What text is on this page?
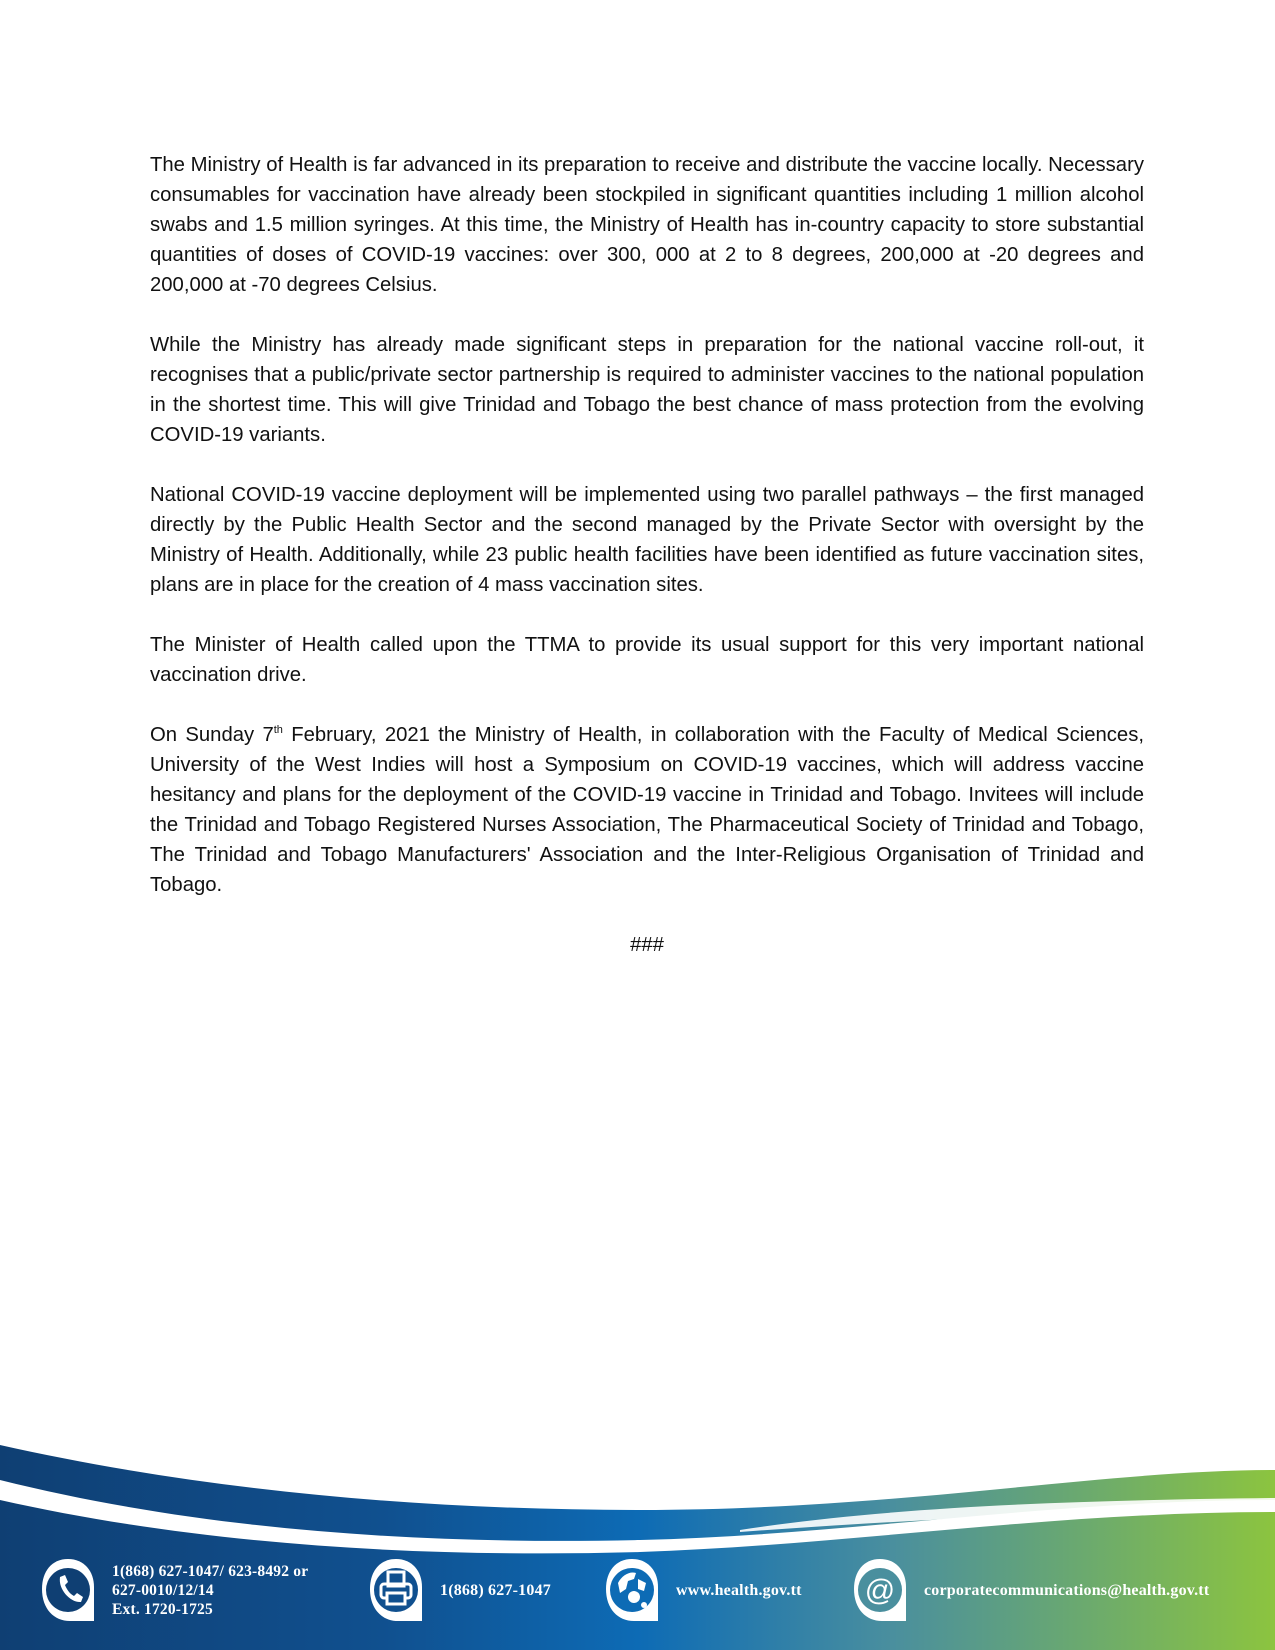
The Ministry of Health is far advanced in its preparation to receive and distribute the vaccine locally. Necessary consumables for vaccination have already been stockpiled in significant quantities including 1 million alcohol swabs and 1.5 million syringes. At this time, the Ministry of Health has in-country capacity to store substantial quantities of doses of COVID-19 vaccines: over 300, 000 at 2 to 8 degrees, 200,000 at -20 degrees and 200,000 at -70 degrees Celsius.

While the Ministry has already made significant steps in preparation for the national vaccine roll-out, it recognises that a public/private sector partnership is required to administer vaccines to the national population in the shortest time. This will give Trinidad and Tobago the best chance of mass protection from the evolving COVID-19 variants.

National COVID-19 vaccine deployment will be implemented using two parallel pathways – the first managed directly by the Public Health Sector and the second managed by the Private Sector with oversight by the Ministry of Health. Additionally, while 23 public health facilities have been identified as future vaccination sites, plans are in place for the creation of 4 mass vaccination sites.

The Minister of Health called upon the TTMA to provide its usual support for this very important national vaccination drive.

On Sunday 7th February, 2021 the Ministry of Health, in collaboration with the Faculty of Medical Sciences, University of the West Indies will host a Symposium on COVID-19 vaccines, which will address vaccine hesitancy and plans for the deployment of the COVID-19 vaccine in Trinidad and Tobago. Invitees will include the Trinidad and Tobago Registered Nurses Association, The Pharmaceutical Society of Trinidad and Tobago, The Trinidad and Tobago Manufacturers' Association and the Inter-Religious Organisation of Trinidad and Tobago.

###
1(868) 627-1047/ 623-8492 or
627-0010/12/14
Ext. 1720-1725
1(868) 627-1047	www.health.gov.tt @ corporatecommunications@health.gov.tt
